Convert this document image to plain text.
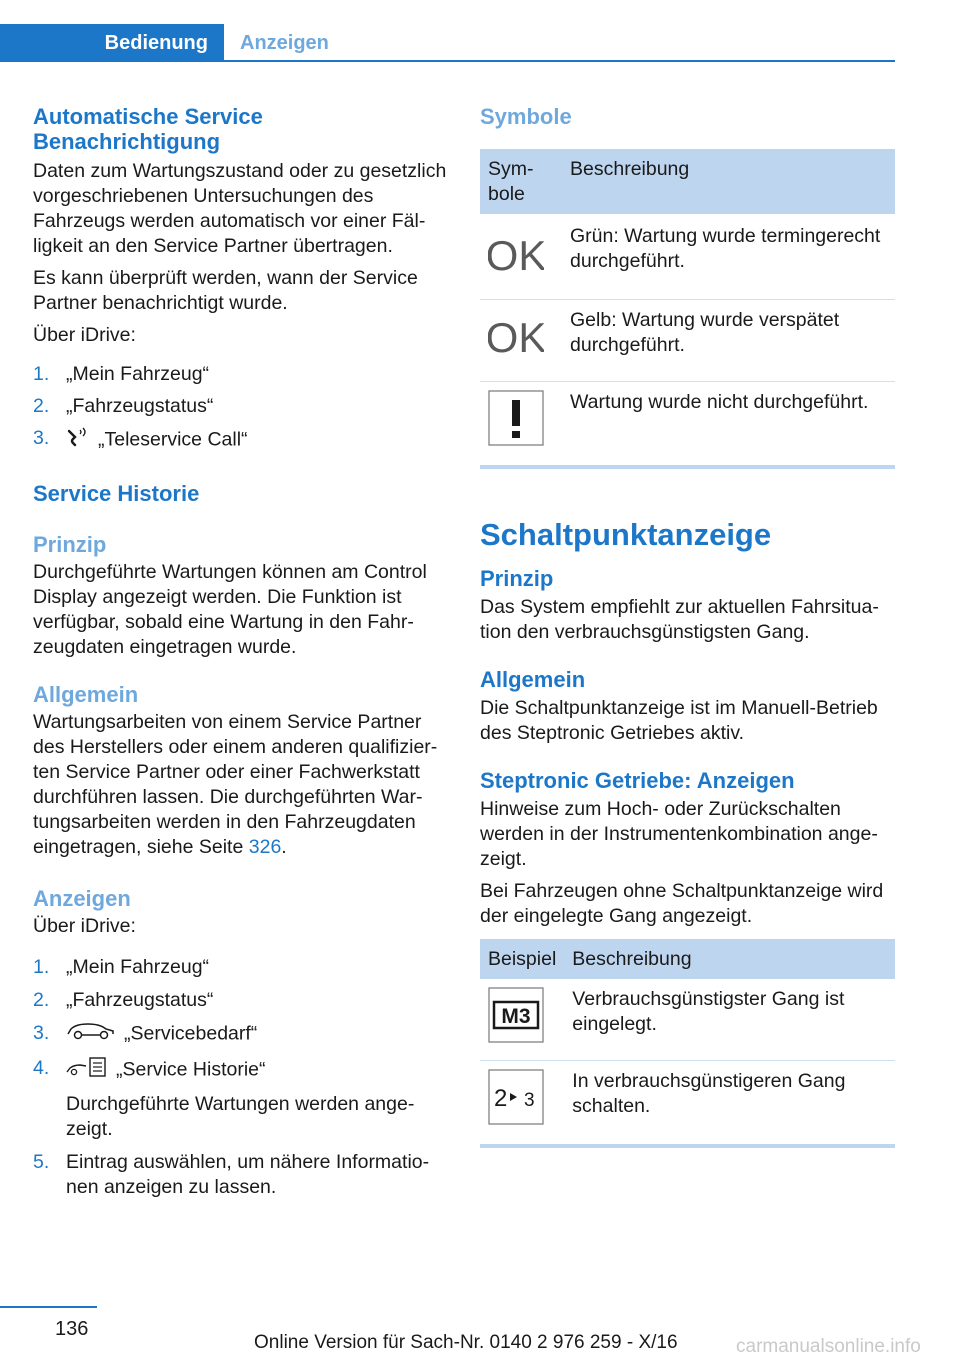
Bedienung	Anzeigen
Automatische Service Benachrichtigung

Daten zum Wartungszustand oder zu gesetzlich vorgeschriebenen Untersuchungen des Fahrzeugs werden automatisch vor einer Fälligkeit an den Service Partner übertragen.

Es kann überprüft werden, wann der Service Partner benachrichtigt wurde.

Über iDrive:

1. „Mein Fahrzeug“
2. „Fahrzeugstatus“
3. „Teleservice Call“
Service Historie
Prinzip

Durchgeführte Wartungen können am Control Display angezeigt werden. Die Funktion ist verfügbar, sobald eine Wartung in den Fahrzeugdaten eingetragen wurde.

Allgemein

Wartungsarbeiten von einem Service Partner des Herstellers oder einem anderen qualifizierten Service Partner oder einer Fachwerkstatt durchführen lassen. Die durchgeführten Wartungsarbeiten werden in den Fahrzeugdaten eingetragen, siehe Seite 326.

Anzeigen

Über iDrive:

1. „Mein Fahrzeug“
2. „Fahrzeugstatus“
3.	„Servicebedarf“
4.	„Service Historie“
Durchgeführte Wartungen werden angezeigt.
5. Eintrag auswählen, um nähere Informationen anzeigen zu lassen.
Symbole
Symbole	Beschreibung

OK	Grün: Wartung wurde termingerecht durchgeführt.

OK	Gelb: Wartung wurde verspätet durchgeführt.
	Wartung wurde nicht durchgeführt.
Schaltpunktanzeige
Prinzip

Das System empfiehlt zur aktuellen Fahrsituation den verbrauchsgünstigsten Gang.

Allgemein

Die Schaltpunktanzeige ist im Manuell-Betrieb des Steptronic Getriebes aktiv.

Steptronic Getriebe: Anzeigen

Hinweise zum Hoch- oder Zurückschalten werden in der Instrumentenkombination angezeigt.

Bei Fahrzeugen ohne Schaltpunktanzeige wird der eingelegte Gang angezeigt.

Beispiel	Beschreibung

M3	Verbrauchsgünstigster Gang ist eingelegt.

2 3	In verbrauchsgünstigeren Gang schalten.
136
Online Version für Sach-Nr. 0140 2 976 259 - X/16	carmanualsonline.info
